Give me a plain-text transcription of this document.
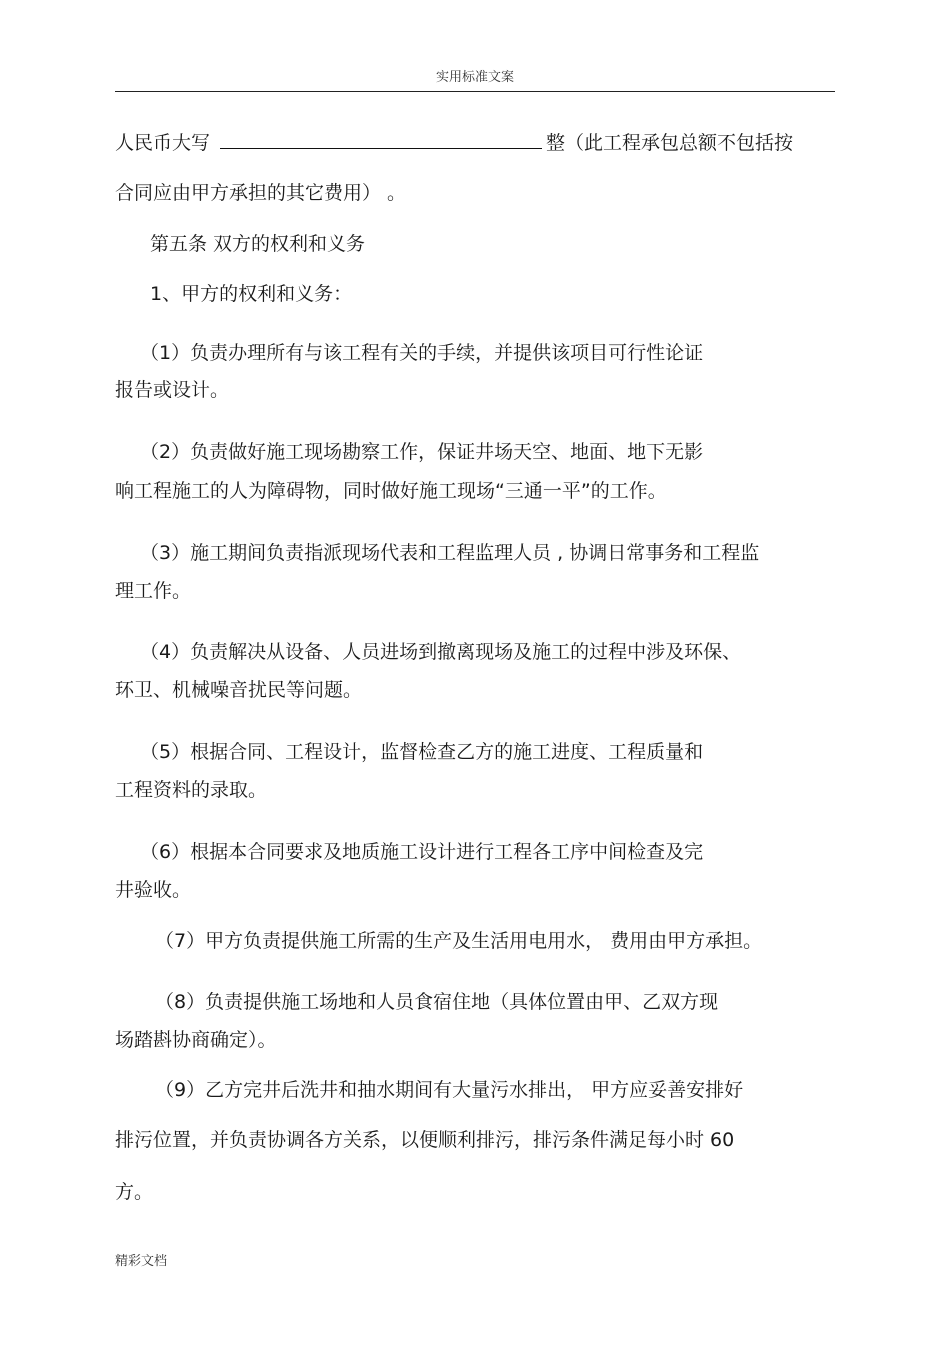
实用标准文案
人民币大写	整（此工程承包总额不包括按
合同应由甲方承担的其它费用） 。
第五条 双方的权利和义务
1、甲方的权利和义务：
（1）负责办理所有与该工程有关的手续，并提供该项目可行性论证
报告或设计。
（2）负责做好施工现场勘察工作，保证井场天空、地面、地下无影
响工程施工的人为障碍物，同时做好施工现场“三通一平”的工作。
（3）施工期间负责指派现场代表和工程监理人员 , 协调日常事务和工程监
理工作。
（4）负责解决从设备、人员进场到撤离现场及施工的过程中涉及环保、
环卫、机械噪音扰民等问题。
（5）根据合同、工程设计，监督检查乙方的施工进度、工程质量和
工程资料的录取。
（6）根据本合同要求及地质施工设计进行工程各工序中间检查及完
井验收。
（7）甲方负责提供施工所需的生产及生活用电用水， 费用由甲方承担。
（8）负责提供施工场地和人员食宿住地（具体位置由甲、乙双方现
场踏斟协商确定）。
（9）乙方完井后洗井和抽水期间有大量污水排出， 甲方应妥善安排好
排污位置，并负责协调各方关系，以便顺利排污，排污条件满足每小时 60
方。
精彩文档
